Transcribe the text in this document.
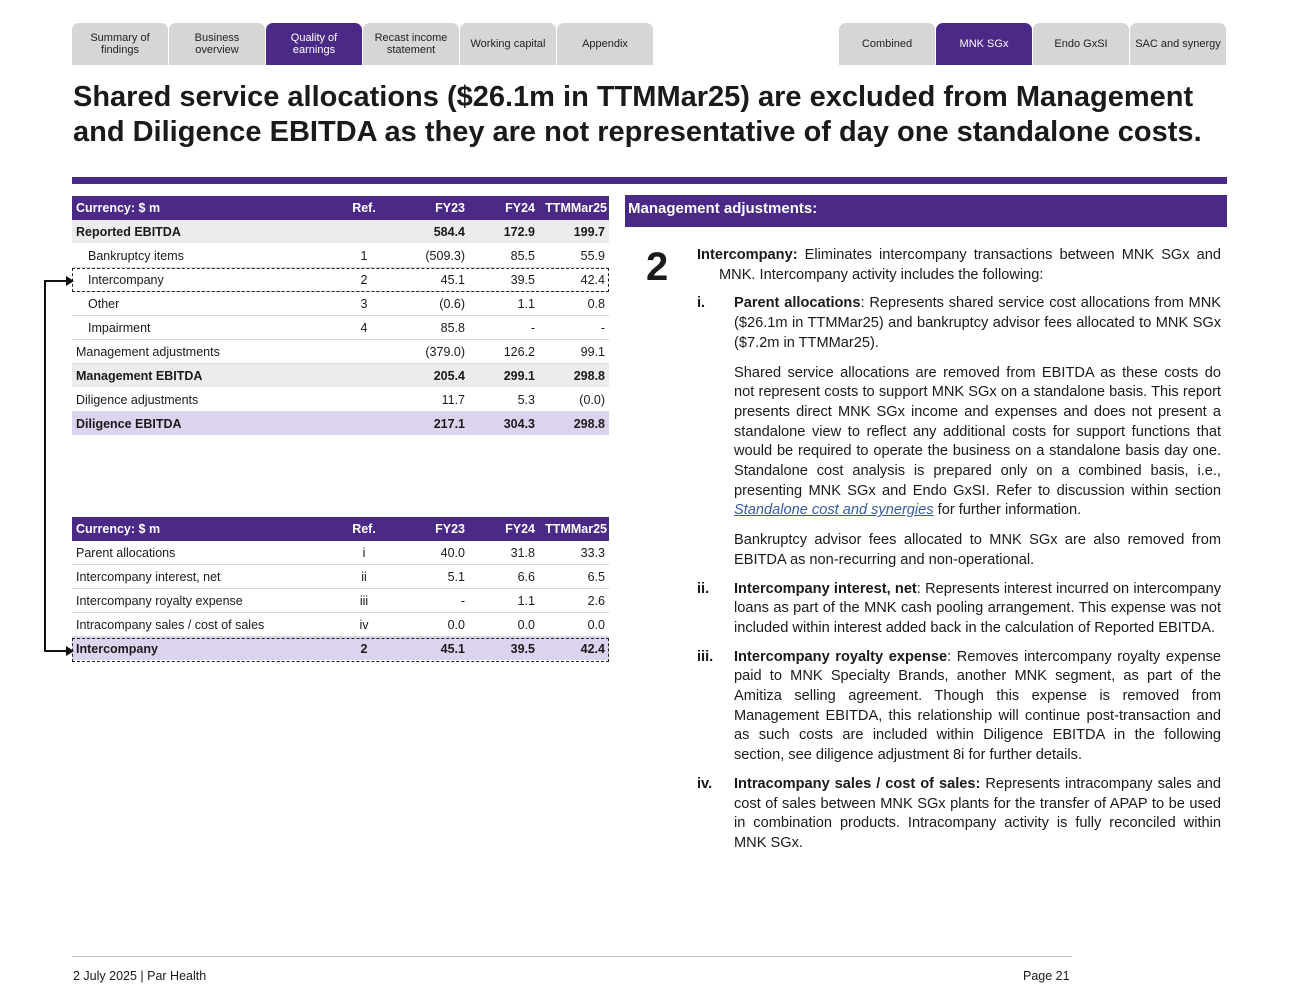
Summary of findings
Business overview
Quality of earnings
Recast income statement	Working capital	Appendix	Combined	MNK SGx	Endo GxSI	SAC and synergy
Shared service allocations ($26.1m in TTMMar25) are excluded from Management and Diligence EBITDA as they are not representative of day one standalone costs.
Currency: $ m	Ref.	FY23	FY24	TTMMar25
Reported EBITDA		584.4	172.9	199.7
Bankruptcy items	1	(509.3)	85.5	55.9
Intercompany	2	45.1	39.5	42.4
Other	3	(0.6)	1.1	0.8
Impairment	4	85.8	-	-
Management adjustments		(379.0)	126.2	99.1
Management EBITDA		205.4	299.1	298.8
Diligence adjustments		11.7	5.3	(0.0)
Diligence EBITDA		217.1	304.3	298.8
Currency: $ m	Ref.	FY23	FY24	TTMMar25
Parent allocations	i	40.0	31.8	33.3
Intercompany interest, net	ii	5.1	6.6	6.5
Intercompany royalty expense	iii	-	1.1	2.6
Intracompany sales / cost of sales	iv	0.0	0.0	0.0
Intercompany	2	45.1	39.5	42.4
Management adjustments:
2 Intercompany: Eliminates intercompany transactions between MNK SGx and MNK. Intercompany activity includes the following:

i.	Parent allocations: Represents shared service cost allocations from MNK ($26.1m in TTMMar25) and bankruptcy advisor fees allocated to MNK SGx ($7.2m in TTMMar25).

Shared service allocations are removed from EBITDA as these costs do not represent costs to support MNK SGx on a standalone basis. This report presents direct MNK SGx income and expenses and does not present a standalone view to reflect any additional costs for support functions that would be required to operate the business on a standalone basis day one. Standalone cost analysis is prepared only on a combined basis, i.e., presenting MNK SGx and Endo GxSI. Refer to discussion within section Standalone cost and synergies for further information.

Bankruptcy advisor fees allocated to MNK SGx are also removed from EBITDA as non-recurring and non-operational.

ii.	Intercompany interest, net: Represents interest incurred on intercompany loans as part of the MNK cash pooling arrangement. This expense was not included within interest added back in the calculation of Reported EBITDA.

iii.	Intercompany royalty expense: Removes intercompany royalty expense paid to MNK Specialty Brands, another MNK segment, as part of the Amitiza selling agreement. Though this expense is removed from Management EBITDA, this relationship will continue post-transaction and as such costs are included within Diligence EBITDA in the following section, see diligence adjustment 8i for further details.

iv.	Intracompany sales / cost of sales: Represents intracompany sales and cost of sales between MNK SGx plants for the transfer of APAP to be used in combination products. Intracompany activity is fully reconciled within MNK SGx.

2 July 2025 | Par Health	Page 21
